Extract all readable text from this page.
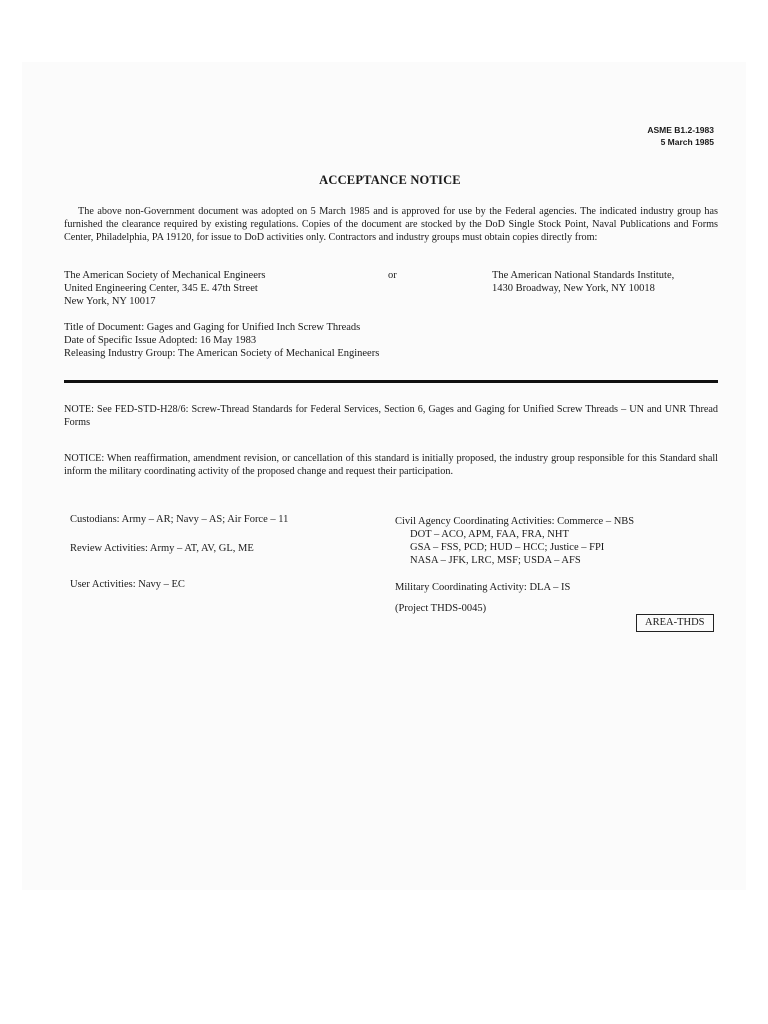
ASME B1.2-1983
5 March 1985
ACCEPTANCE NOTICE
The above non-Government document was adopted on 5 March 1985 and is approved for use by the Federal agencies. The indicated industry group has furnished the clearance required by existing regulations. Copies of the document are stocked by the DoD Single Stock Point, Naval Publications and Forms Center, Philadelphia, PA 19120, for issue to DoD activities only. Contractors and industry groups must obtain copies directly from:
The American Society of Mechanical Engineers
United Engineering Center, 345 E. 47th Street
New York, NY 10017
or	The American National Standards Institute,
1430 Broadway, New York, NY 10018
Title of Document: Gages and Gaging for Unified Inch Screw Threads
Date of Specific Issue Adopted: 16 May 1983
Releasing Industry Group: The American Society of Mechanical Engineers
NOTE: See FED-STD-H28/6: Screw-Thread Standards for Federal Services, Section 6, Gages and Gaging for Unified Screw Threads – UN and UNR Thread Forms
NOTICE: When reaffirmation, amendment revision, or cancellation of this standard is initially proposed, the industry group responsible for this Standard shall inform the military coordinating activity of the proposed change and request their participation.
Custodians: Army – AR; Navy – AS; Air Force – 11
Review Activities: Army – AT, AV, GL, ME
User Activities: Navy – EC
Civil Agency Coordinating Activities: Commerce – NBS
DOT – ACO, APM, FAA, FRA, NHT
GSA – FSS, PCD; HUD – HCC; Justice – FPI
NASA – JFK, LRC, MSF; USDA – AFS
Military Coordinating Activity: DLA – IS
(Project THDS-0045)
AREA-THDS
